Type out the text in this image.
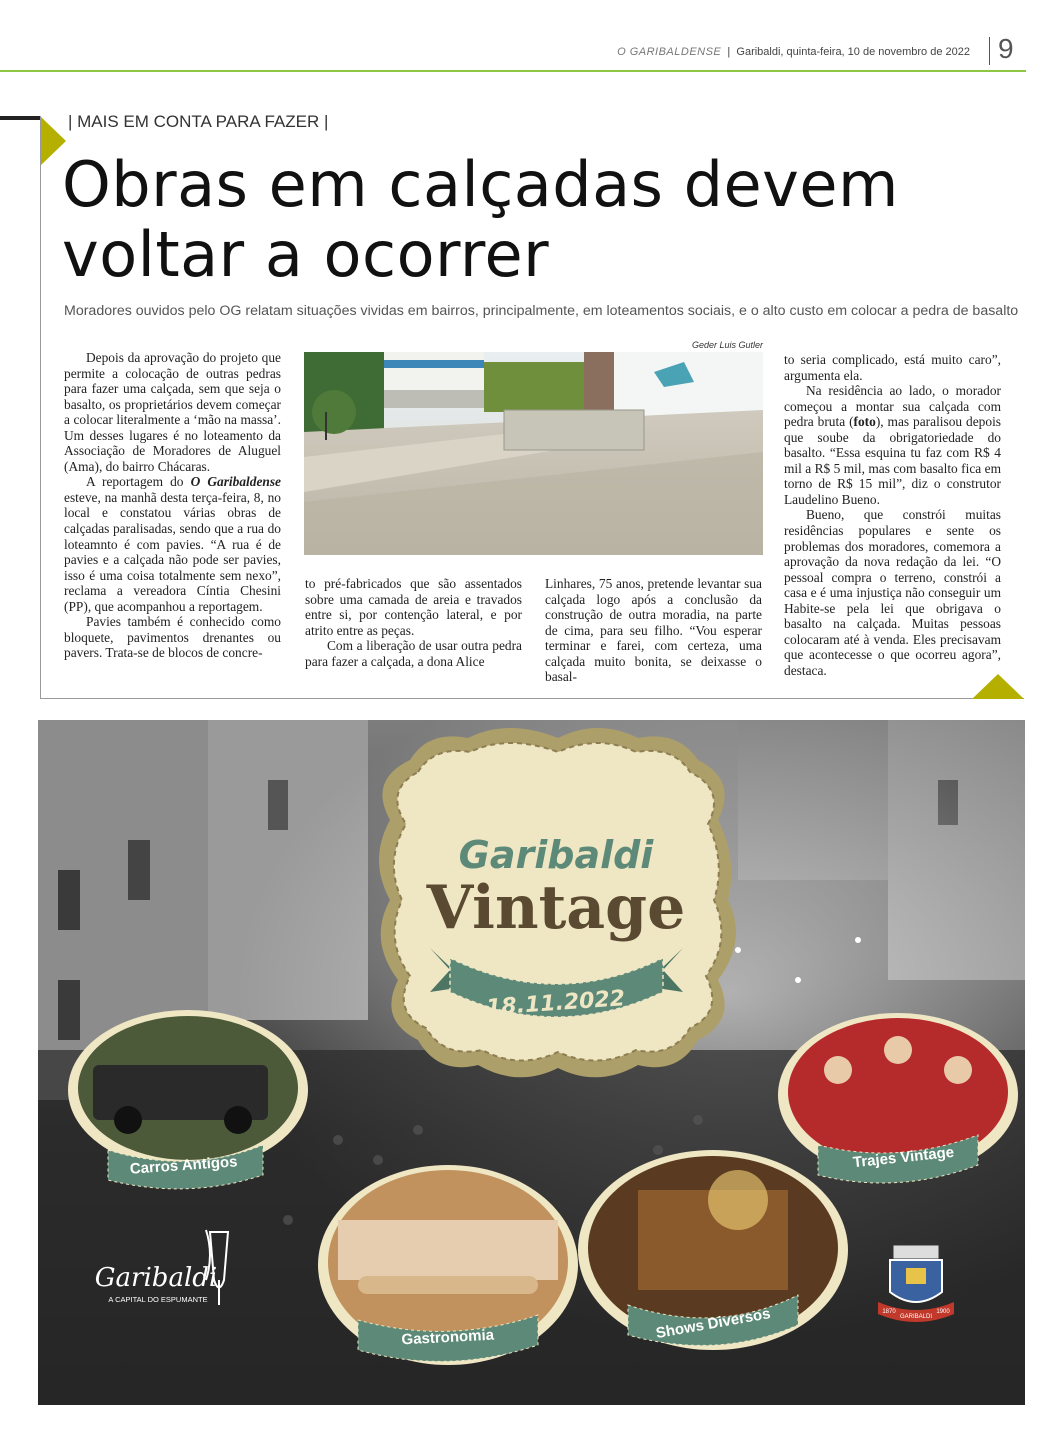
O GARIBALDENSE | Garibaldi, quinta-feira, 10 de novembro de 2022 9
| MAIS EM CONTA PARA FAZER |
Obras em calçadas devem voltar a ocorrer
Moradores ouvidos pelo OG relatam situações vividas em bairros, principalmente, em loteamentos sociais, e o alto custo em colocar a pedra de basalto

Depois da aprovação do projeto que permite a colocação de outras pedras para fazer uma calçada, sem que seja o basalto, os proprietários devem começar a colocar literalmente a ‘mão na massa’. Um desses lugares é no loteamento da Associação de Moradores de Aluguel (Ama), do bairro Chácaras.

A reportagem do O Garibaldense esteve, na manhã desta terça-feira, 8, no local e constatou várias obras de calçadas paralisadas, sendo que a rua do loteamnto é com pavies. “A rua é de pavies e a calçada não pode ser pavies, isso é uma coisa totalmente sem nexo”, reclama a vereadora Cíntia Chesini (PP), que acompanhou a reportagem.

Pavies também é conhecido como bloquete, pavimentos drenantes ou pavers. Trata-se de blocos de concre-

Geder Luis Gutler

to pré-fabricados que são assentados sobre uma camada de areia e travados entre si, por contenção lateral, e por atrito entre as peças.

Com a liberação de usar outra pedra para fazer a calçada, a dona Alice

Linhares, 75 anos, pretende levantar sua calçada logo após a conclusão da construção de outra moradia, na parte de cima, para seu filho. “Vou esperar terminar e farei, com certeza, uma calçada muito bonita, se deixasse o basal-

to seria complicado, está muito caro”, argumenta ela.

Na residência ao lado, o morador começou a montar sua calçada com pedra bruta (foto), mas paralisou depois que soube da obrigatoriedade do basalto. “Essa esquina tu faz com R$ 4 mil a R$ 5 mil, mas com basalto fica em torno de R$ 15 mil”, diz o construtor Laudelino Bueno.

Bueno, que constrói muitas residências populares e sente os problemas dos moradores, comemora a aprovação da nova redação da lei. “O pessoal compra o terreno, constrói a casa e é uma injustiça não conseguir um Habite-se pela lei que obrigava o basalto na calçada. Muitas pessoas colocaram até à venda. Eles precisavam que acontecesse o que ocorreu agora”, destaca.

Garibaldi
Vintage
18.11.2022
Carros Antigos	Trajes Vintage
Gastronomia	Shows Diversos
Garibaldi
A CAPITAL DO ESPUMANTE
1870
GARIBALDI
1900
